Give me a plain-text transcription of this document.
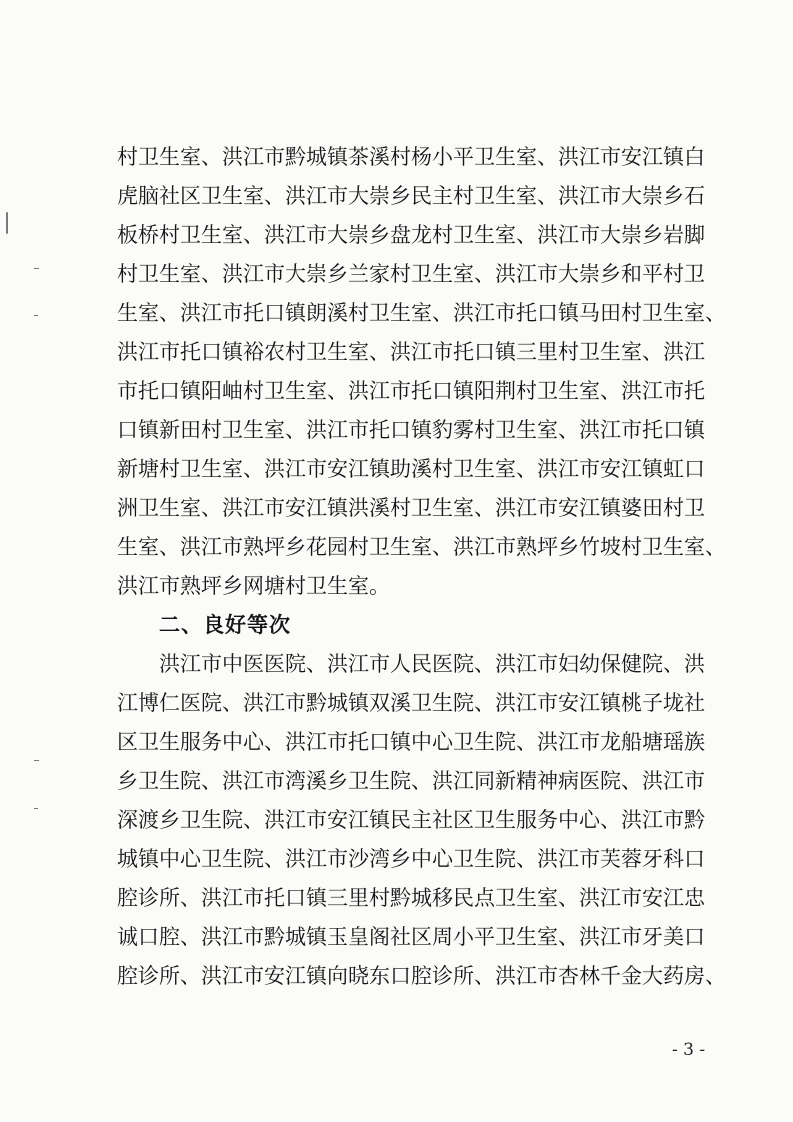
村卫生室、洪江市黔城镇茶溪村杨小平卫生室、洪江市安江镇白
虎脑社区卫生室、洪江市大崇乡民主村卫生室、洪江市大崇乡石
板桥村卫生室、洪江市大崇乡盘龙村卫生室、洪江市大崇乡岩脚
村卫生室、洪江市大崇乡兰家村卫生室、洪江市大崇乡和平村卫
生室、洪江市托口镇朗溪村卫生室、洪江市托口镇马田村卫生室、
洪江市托口镇裕农村卫生室、洪江市托口镇三里村卫生室、洪江
市托口镇阳岫村卫生室、洪江市托口镇阳荆村卫生室、洪江市托
口镇新田村卫生室、洪江市托口镇豹雾村卫生室、洪江市托口镇
新塘村卫生室、洪江市安江镇助溪村卫生室、洪江市安江镇虹口
洲卫生室、洪江市安江镇洪溪村卫生室、洪江市安江镇婆田村卫
生室、洪江市熟坪乡花园村卫生室、洪江市熟坪乡竹坡村卫生室、
洪江市熟坪乡网塘村卫生室。
二、良好等次
洪江市中医医院、洪江市人民医院、洪江市妇幼保健院、洪
江博仁医院、洪江市黔城镇双溪卫生院、洪江市安江镇桃子垅社
区卫生服务中心、洪江市托口镇中心卫生院、洪江市龙船塘瑶族
乡卫生院、洪江市湾溪乡卫生院、洪江同新精神病医院、洪江市
深渡乡卫生院、洪江市安江镇民主社区卫生服务中心、洪江市黔
城镇中心卫生院、洪江市沙湾乡中心卫生院、洪江市芙蓉牙科口
腔诊所、洪江市托口镇三里村黔城移民点卫生室、洪江市安江忠
诚口腔、洪江市黔城镇玉皇阁社区周小平卫生室、洪江市牙美口
腔诊所、洪江市安江镇向晓东口腔诊所、洪江市杏林千金大药房、
- 3 -
